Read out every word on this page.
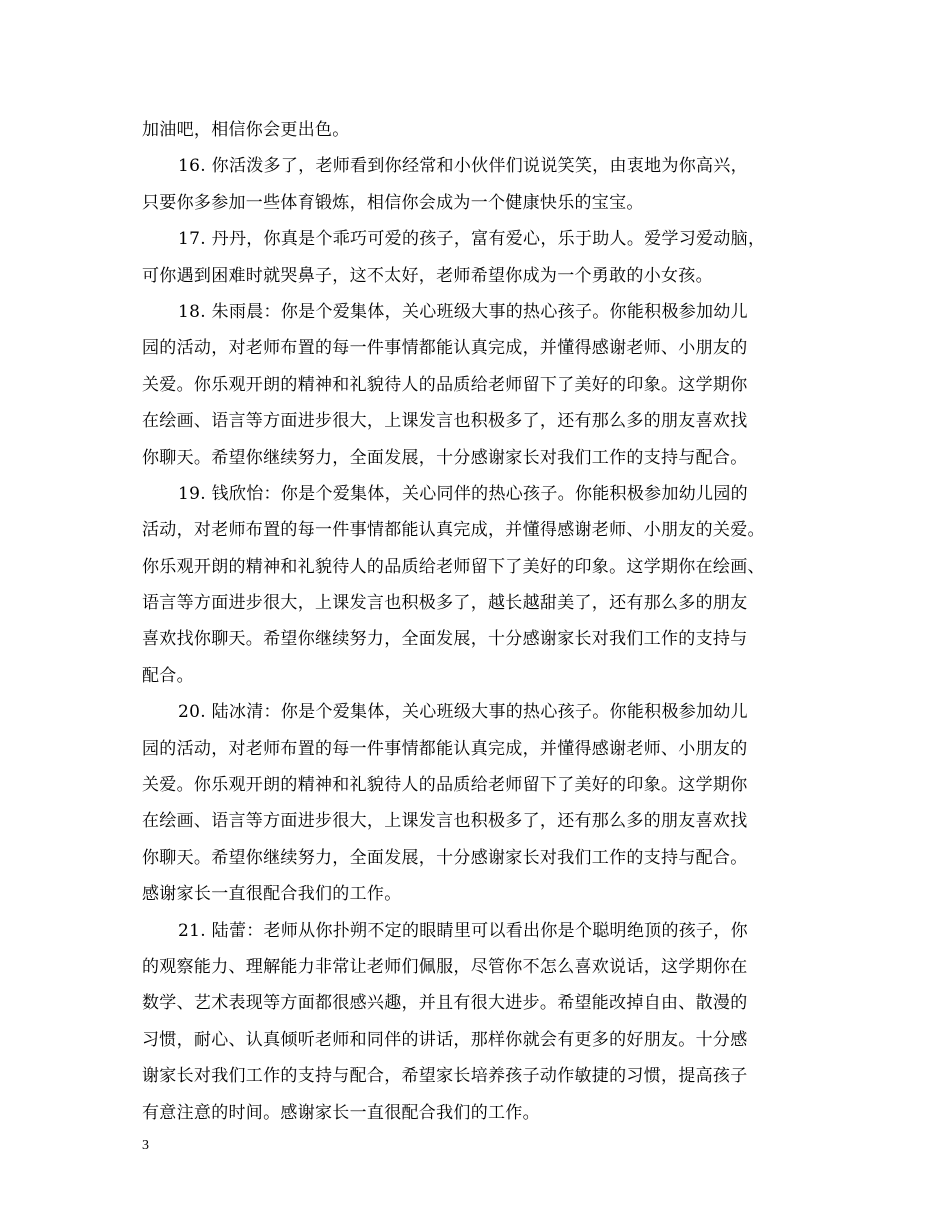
加油吧，相信你会更出色。
16. 你活泼多了，老师看到你经常和小伙伴们说说笑笑，由衷地为你高兴，
只要你多参加一些体育锻炼，相信你会成为一个健康快乐的宝宝。
17. 丹丹，你真是个乖巧可爱的孩子，富有爱心，乐于助人。爱学习爱动脑，
可你遇到困难时就哭鼻子，这不太好，老师希望你成为一个勇敢的小女孩。
18. 朱雨晨：你是个爱集体，关心班级大事的热心孩子。你能积极参加幼儿
园的活动，对老师布置的每一件事情都能认真完成，并懂得感谢老师、小朋友的
关爱。你乐观开朗的精神和礼貌待人的品质给老师留下了美好的印象。这学期你
在绘画、语言等方面进步很大，上课发言也积极多了，还有那么多的朋友喜欢找
你聊天。希望你继续努力，全面发展，十分感谢家长对我们工作的支持与配合。
19. 钱欣怡：你是个爱集体，关心同伴的热心孩子。你能积极参加幼儿园的
活动，对老师布置的每一件事情都能认真完成，并懂得感谢老师、小朋友的关爱。
你乐观开朗的精神和礼貌待人的品质给老师留下了美好的印象。这学期你在绘画、
语言等方面进步很大，上课发言也积极多了，越长越甜美了，还有那么多的朋友
喜欢找你聊天。希望你继续努力，全面发展，十分感谢家长对我们工作的支持与
配合。
20. 陆冰清：你是个爱集体，关心班级大事的热心孩子。你能积极参加幼儿
园的活动，对老师布置的每一件事情都能认真完成，并懂得感谢老师、小朋友的
关爱。你乐观开朗的精神和礼貌待人的品质给老师留下了美好的印象。这学期你
在绘画、语言等方面进步很大，上课发言也积极多了，还有那么多的朋友喜欢找
你聊天。希望你继续努力，全面发展，十分感谢家长对我们工作的支持与配合。
感谢家长一直很配合我们的工作。
21. 陆蕾：老师从你扑朔不定的眼睛里可以看出你是个聪明绝顶的孩子，你
的观察能力、理解能力非常让老师们佩服，尽管你不怎么喜欢说话，这学期你在
数学、艺术表现等方面都很感兴趣，并且有很大进步。希望能改掉自由、散漫的
习惯，耐心、认真倾听老师和同伴的讲话，那样你就会有更多的好朋友。十分感
谢家长对我们工作的支持与配合，希望家长培养孩子动作敏捷的习惯，提高孩子
有意注意的时间。感谢家长一直很配合我们的工作。
3
